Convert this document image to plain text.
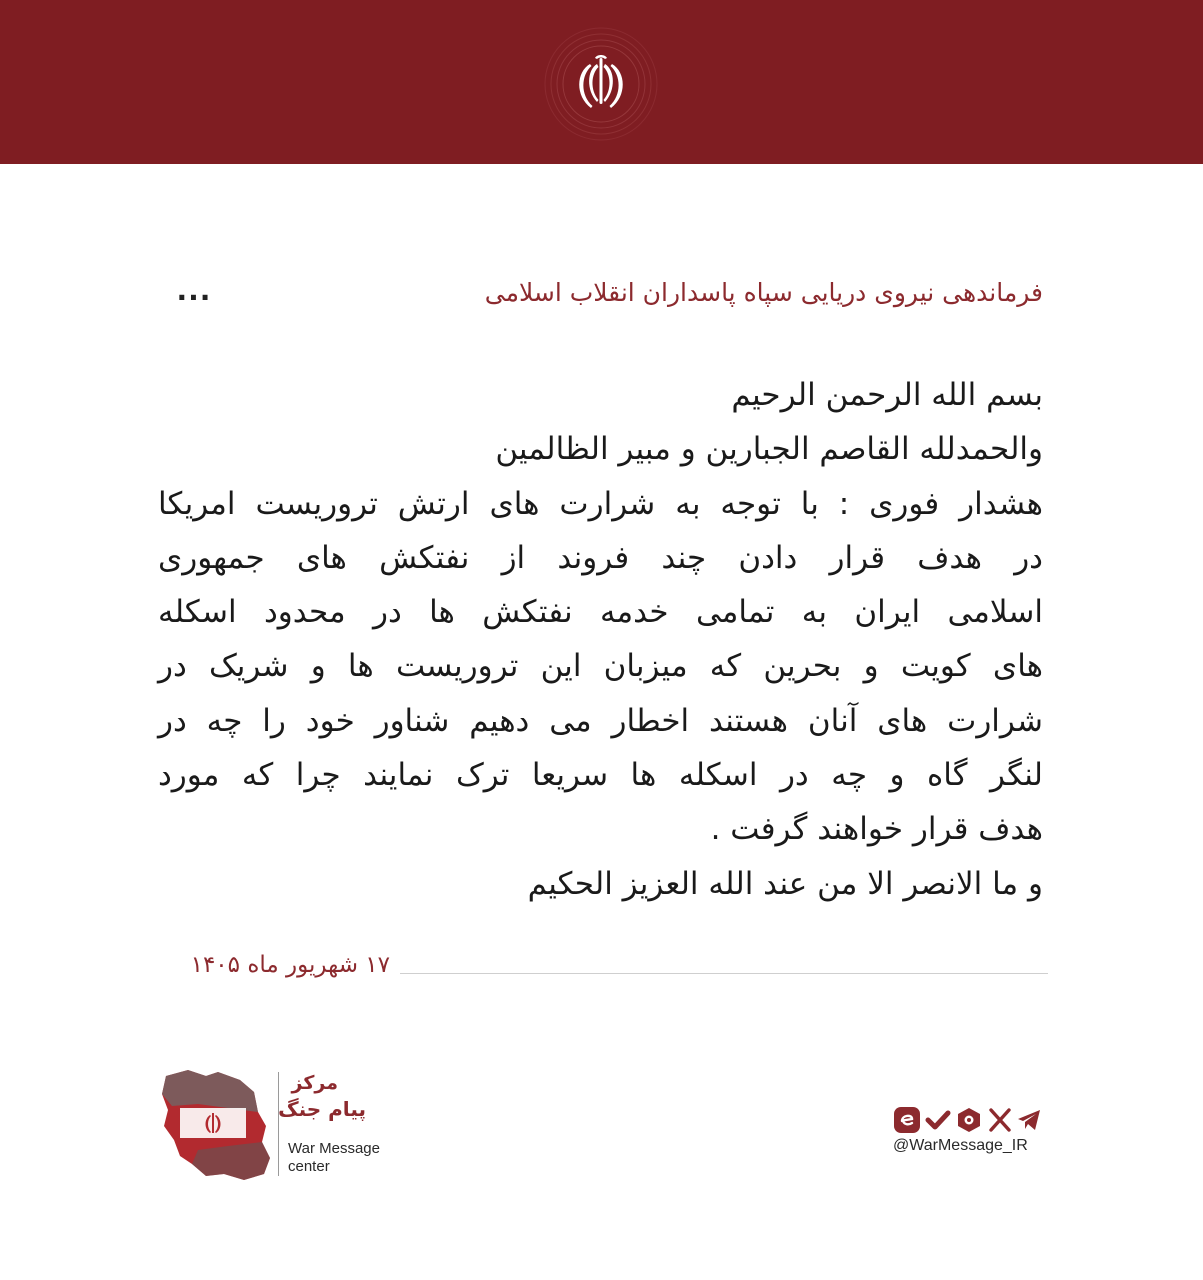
فرماندهی نیروی دریایی سپاه پاسداران انقلاب اسلامی
...
بسم الله الرحمن الرحیم
والحمدلله القاصم الجبارین و مبیر الظالمین
هشدار فوری : با توجه به شرارت های ارتش تروریست امریکا
در هدف قرار دادن چند فروند از نفتکش های جمهوری
اسلامی ایران به تمامی خدمه نفتکش ها در محدود اسکله
های کویت و بحرین که میزبان این تروریست ها و شریک در
شرارت های آنان هستند اخطار می دهیم شناور خود را چه در
لنگر گاه و چه در اسکله ها سریعا ترک نمایند چرا که مورد
هدف قرار خواهند گرفت .
و ما الانصر الا من عند الله العزیز الحکیم
۱۷ شهریور ماه ۱۴۰۵
مرکز
پیام جنگ
War Message
center
@WarMessage_IR
